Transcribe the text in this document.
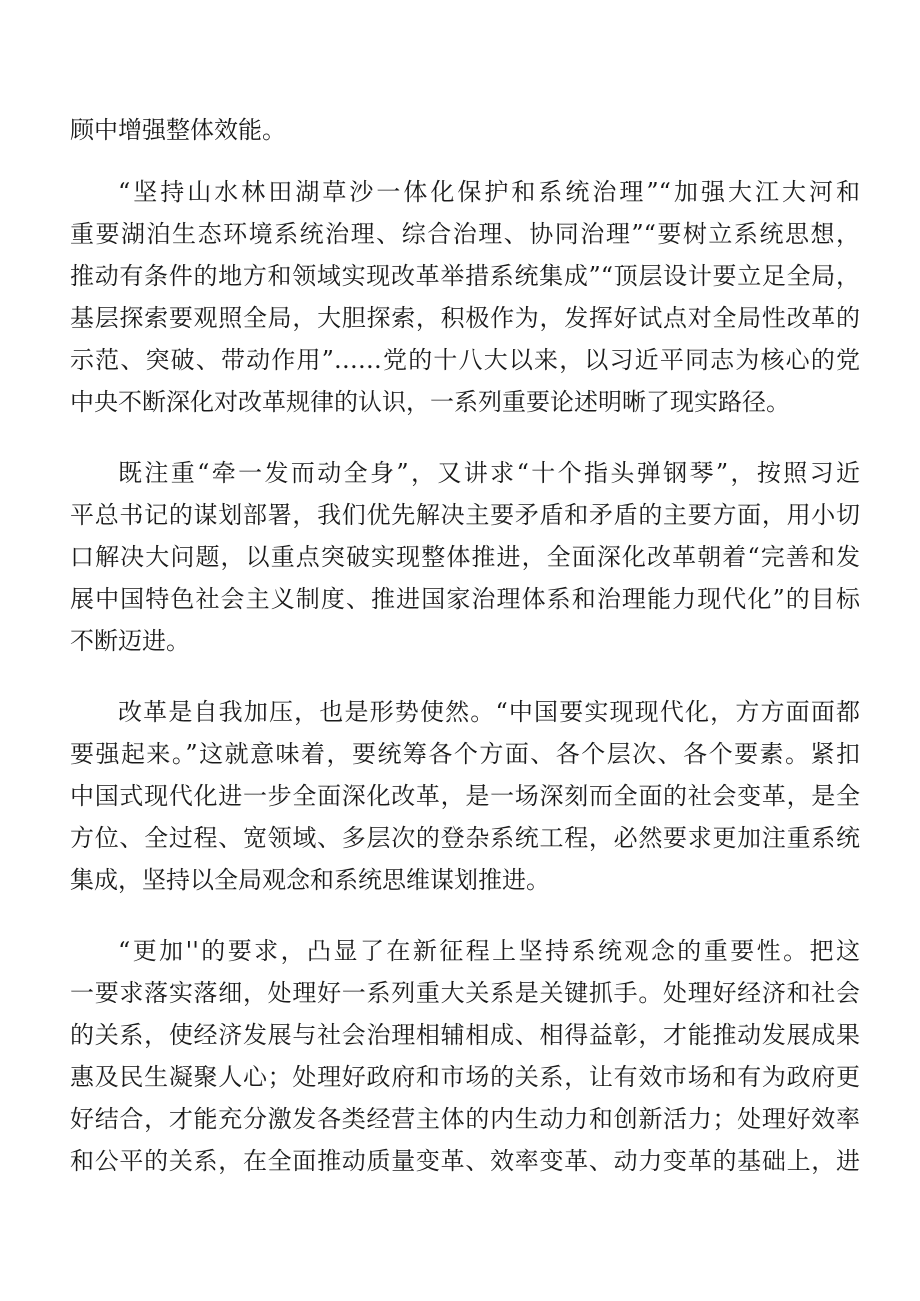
顾中增强整体效能。
“坚持山水林田湖草沙一体化保护和系统治理”“加强大江大河和
重要湖泊生态环境系统治理、综合治理、协同治理”“要树立系统思想，
推动有条件的地方和领域实现改革举措系统集成”“顶层设计要立足全局，
基层探索要观照全局，大胆探索，积极作为，发挥好试点对全局性改革的
示范、突破、带动作用”……党的十八大以来，以习近平同志为核心的党
中央不断深化对改革规律的认识，一系列重要论述明晰了现实路径。
既注重“牵一发而动全身”，又讲求“十个指头弹钢琴”，按照习近
平总书记的谋划部署，我们优先解决主要矛盾和矛盾的主要方面，用小切
口解决大问题，以重点突破实现整体推进，全面深化改革朝着“完善和发
展中国特色社会主义制度、推进国家治理体系和治理能力现代化”的目标
不断迈进。
改革是自我加压，也是形势使然。“中国要实现现代化，方方面面都
要强起来。”这就意味着，要统筹各个方面、各个层次、各个要素。紧扣
中国式现代化进一步全面深化改革，是一场深刻而全面的社会变革，是全
方位、全过程、宽领域、多层次的登杂系统工程，必然要求更加注重系统
集成，坚持以全局观念和系统思维谋划推进。
“更加''的要求，凸显了在新征程上坚持系统观念的重要性。把这
一要求落实落细，处理好一系列重大关系是关键抓手。处理好经济和社会
的关系，使经济发展与社会治理相辅相成、相得益彰，才能推动发展成果
惠及民生凝聚人心；处理好政府和市场的关系，让有效市场和有为政府更
好结合，才能充分激发各类经营主体的内生动力和创新活力；处理好效率
和公平的关系，在全面推动质量变革、效率变革、动力变革的基础上，进
